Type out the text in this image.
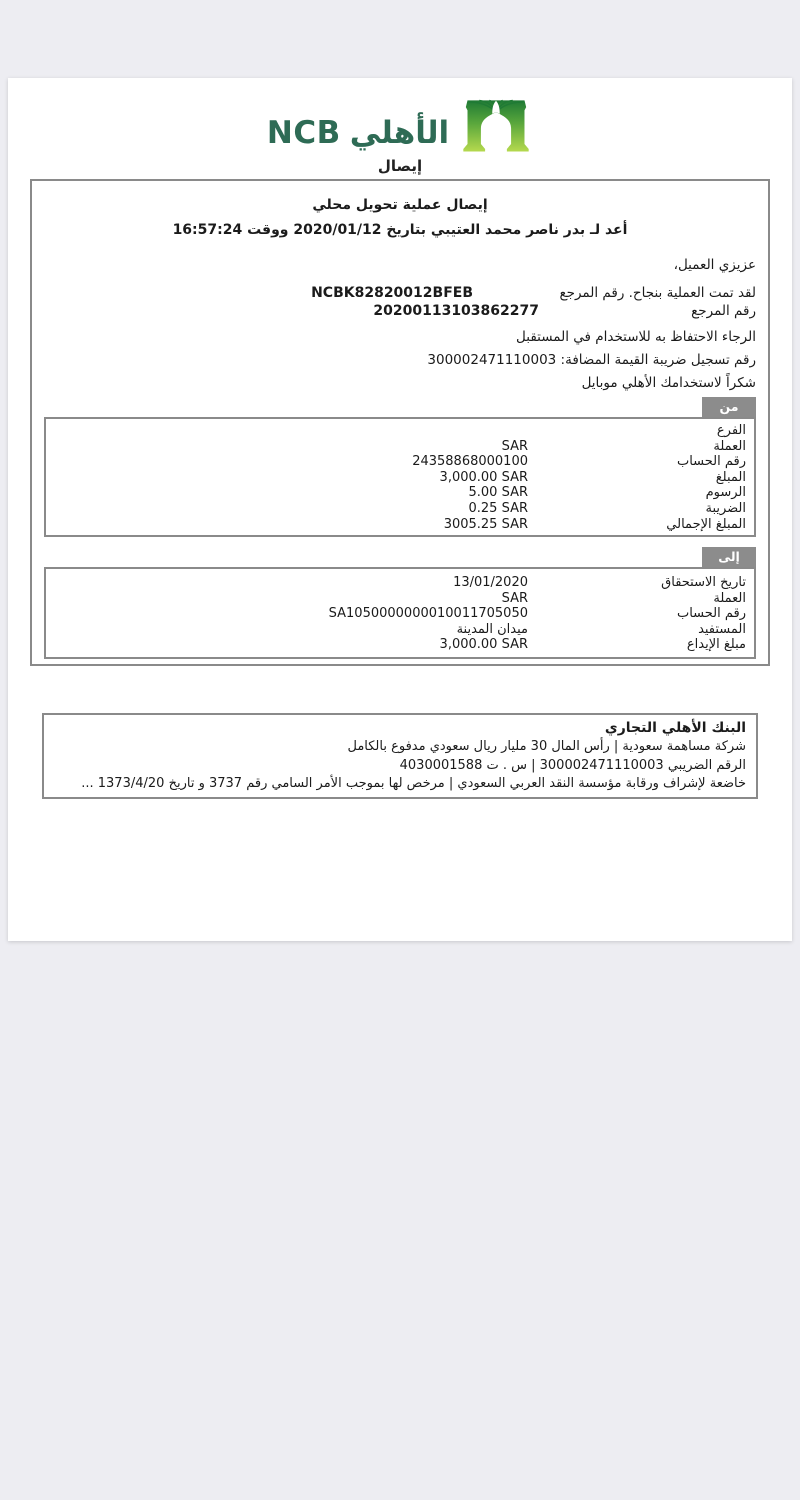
NCB الأهلي
إيصال
إيصال عملية تحويل محلي
أعد لـ بدر ناصر محمد العتيبي بتاريخ 2020/01/12 ووقت 16:57:24
عزيزي العميل،
لقد تمت العملية بنجاح. رقم المرجع
NCBK82820012BFEB
رقم المرجع
20200113103862277
الرجاء الاحتفاظ به للاستخدام في المستقبل
رقم تسجيل ضريبة القيمة المضافة: 300002471110003
شكراً لاستخدامك الأهلي موبايل
من
الفرع
العملة
SAR
رقم الحساب
24358868000100
المبلغ
3,000.00 SAR
الرسوم
5.00 SAR
الضريبة
0.25 SAR
المبلغ الإجمالي
3005.25 SAR
إلى
تاريخ الاستحقاق
13/01/2020
العملة
SAR
رقم الحساب
SA1050000000010011705050
المستفيد
ميدان المدينة
مبلغ الإيداع
3,000.00 SAR
البنك الأهلي التجاري
شركة مساهمة سعودية | رأس المال 30 مليار ريال سعودي مدفوع بالكامل
الرقم الضريبي 300002471110003 | س . ت 4030001588
خاضعة لإشراف ورقابة مؤسسة النقد العربي السعودي | مرخص لها بموجب الأمر السامي رقم 3737 و تاريخ 1373/4/20 ...
